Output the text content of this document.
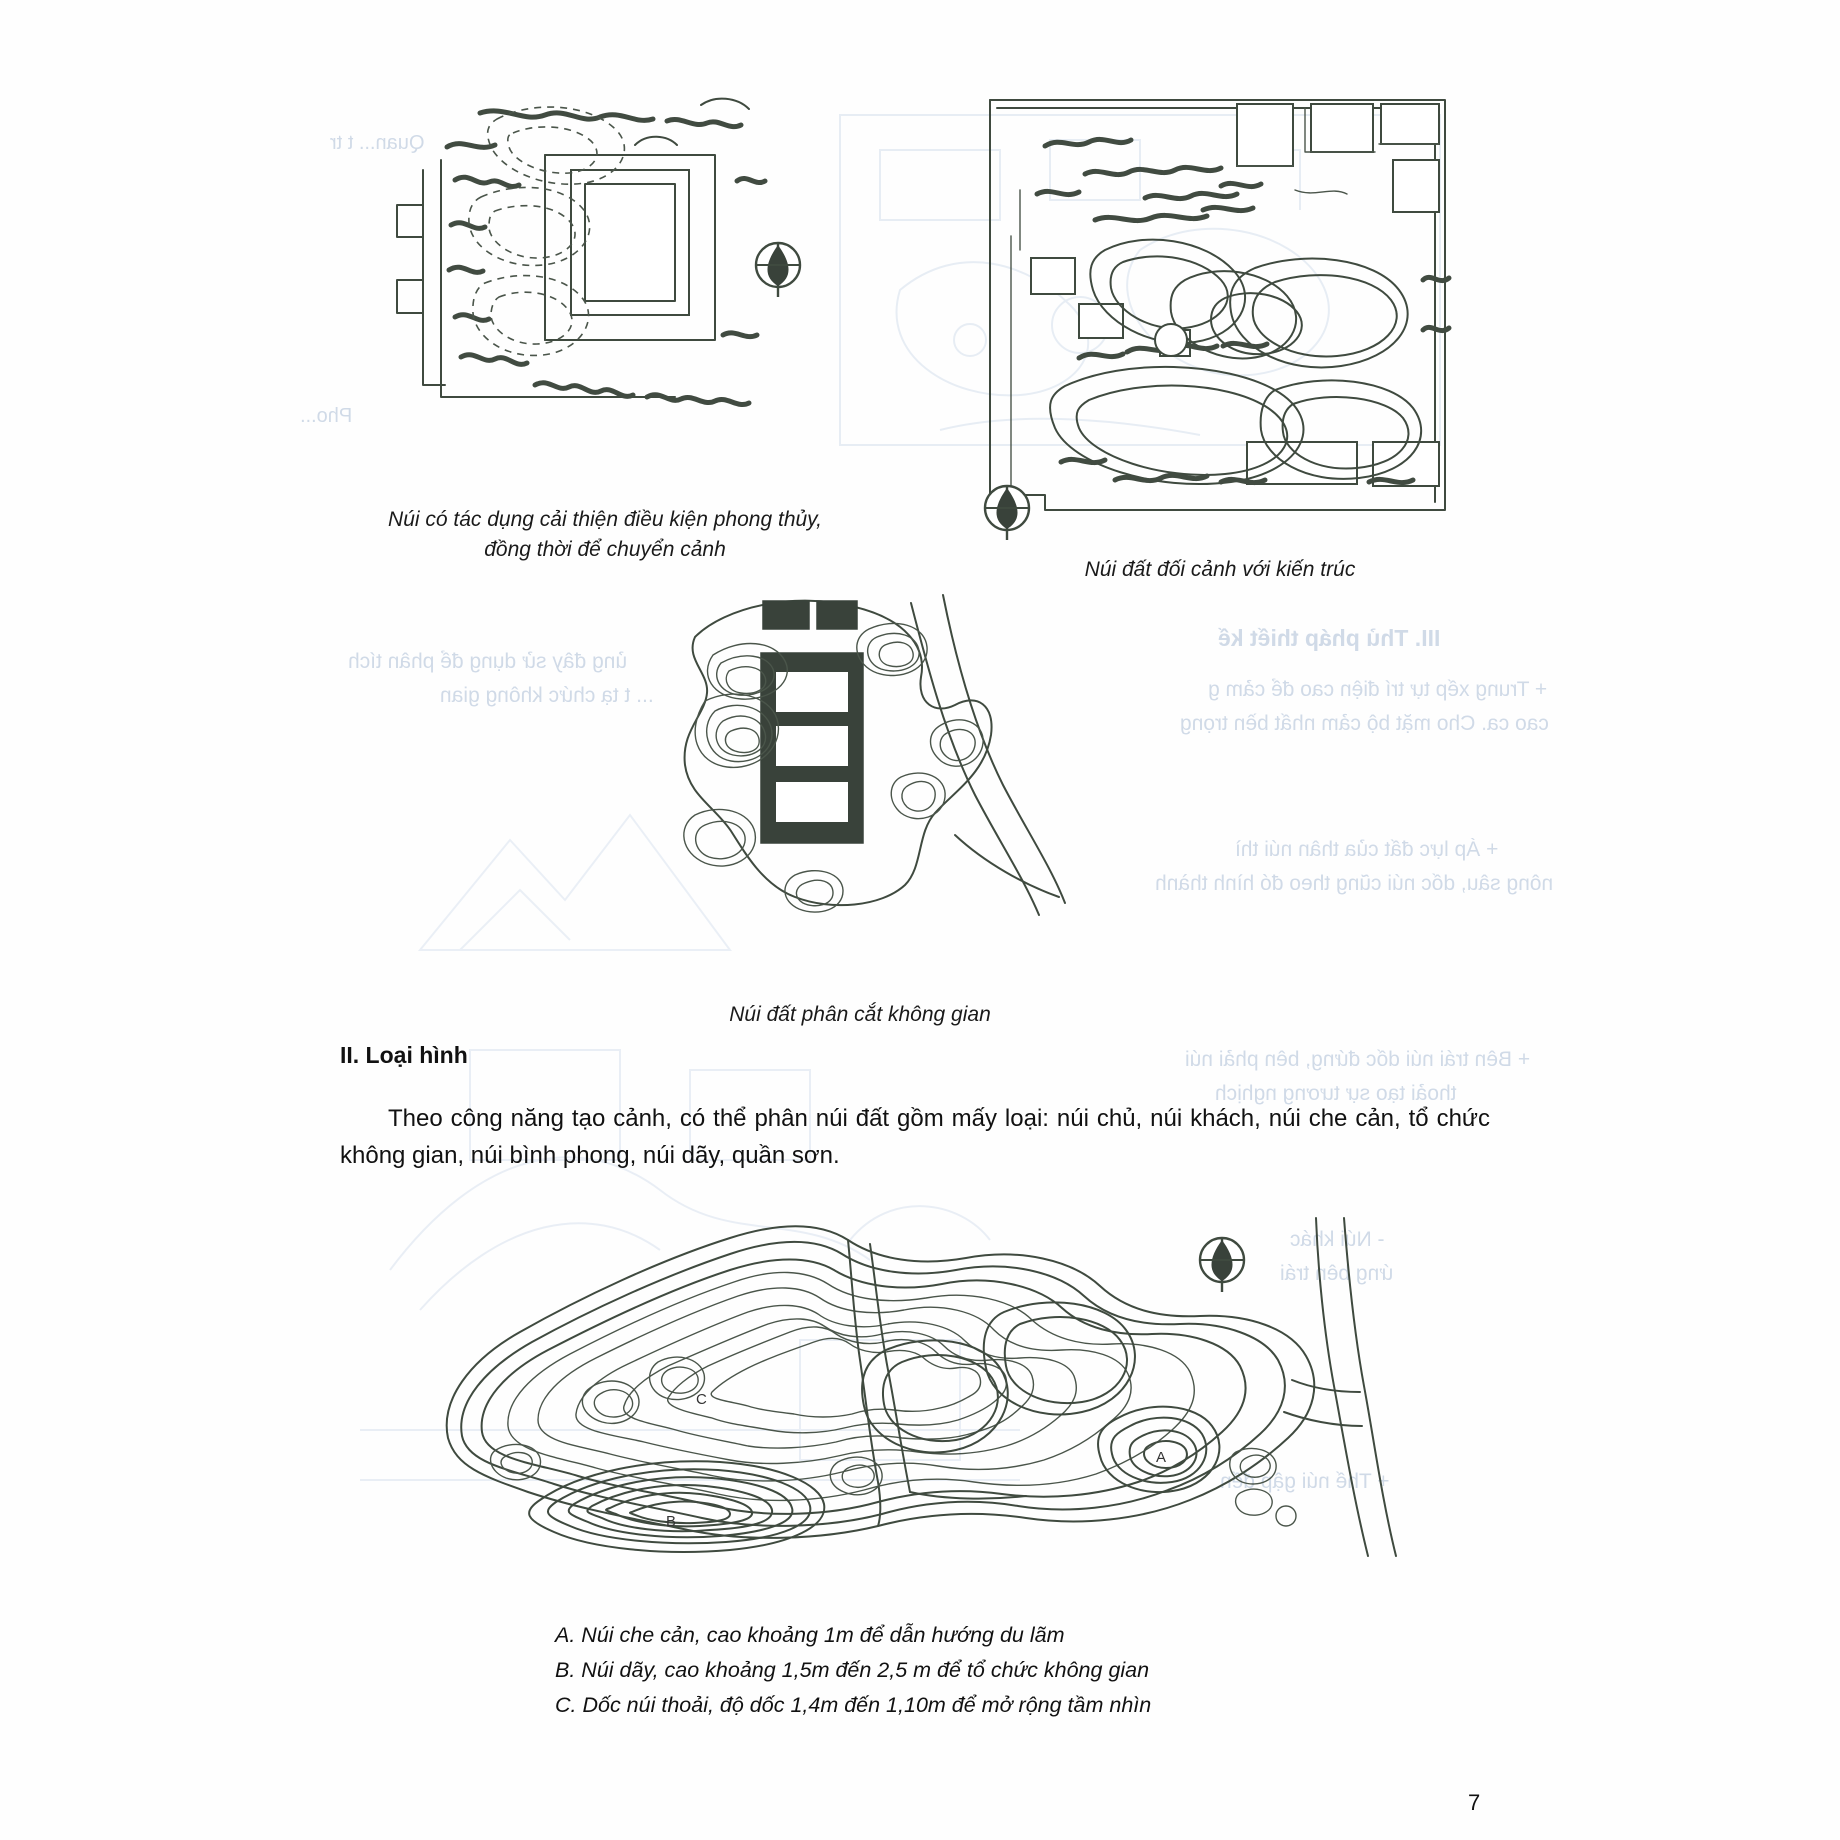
III. Thủ pháp thiết kế
+ Trung xếp tự trí điện cao để cảm g
cao ca. Cho mặt bộ cảm nhất bền trọng
+ Áp lực đất của thân núi thì
nông sâu, dốc núi cũng theo đó hình thành
+ Bên trái núi dốc đứng, bên phải núi
thoải tạo sự tương nghịch
- Núi khác
ứng bên trái
+ Thế núi gập đến
Quan... t tr
Pho...
ủng đây sử dụng để phân tích
... t tạ chức không gian
Núi có tác dụng cải thiện điều kiện phong thủy,
đồng thời để chuyển cảnh
Núi đất đối cảnh với kiến trúc
Núi đất phân cắt không gian
II. Loại hình
Theo công năng tạo cảnh, có thể phân núi đất gồm mấy loại: núi chủ, núi khách, núi che cản, tổ chức không gian, núi bình phong, núi dãy, quần sơn.
C
A
B
A. Núi che cản, cao khoảng 1m để dẫn hướng du lãm
B. Núi dãy, cao khoảng 1,5m đến 2,5 m để tổ chức không gian
C. Dốc núi thoải, độ dốc 1,4m đến 1,10m để mở rộng tầm nhìn
7
